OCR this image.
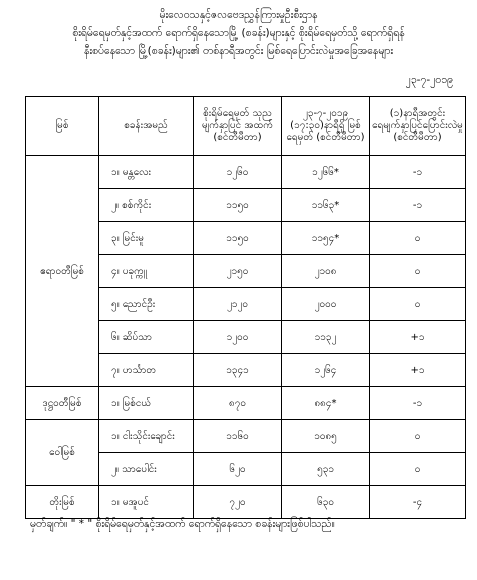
မိုးလေဝသနှင့်ဇလဗေဒညွှန်ကြားမှုဦးစီးဌာန
စိုးရိမ်ရေမှတ်နှင့်အထက် ရောက်ရှိနေသောမြို့ (စခန်း)များနှင့် စိုးရိမ်ရေမှတ်သို့ ရောက်ရှိရန်
နီးစပ်နေသော မြို့(စခန်း)များ၏ တစ်နာရီအတွင်း မြစ်ရေပြောင်းလဲမှုအခြေအနေများ
၂၃-၇-၂၀၁၉
မြစ်	စခန်းအမည်	စိုးရိမ်ရေမှတ် သုညမျက်နှာပြင် အထက် (စင်တီမီတာ)	၂၃-၇-၂၀၁၉ (၁၇:၃၀)နာရီရှိ မြစ်ရေမှတ် (စင်တီမီတာ)	(၁)နာရီအတွင်း ရေမျက်နှာပြင်ပြောင်းလဲမှု (စင်တီမီတာ)
ဧရာဝတီမြစ်	၁။ မန္တလေး	၁၂၆၀	၁၂၆၆*	-၁
	၂။ စစ်ကိုင်း	၁၁၅၀	၁၁၆၃*	-၁
	၃။ မြင်းမူ	၁၁၅၀	၁၁၅၄*	၀
	၄။ ပခုက္ကူ	၂၁၅၀	၂၁၀၈	၀
	၅။ ညောင်ဦး	၂၁၂၀	၂၀၀၀	၀
	၆။ ဆိပ်သာ	၁၂၀၀	၁၁၃၂	+၁
	၇။ ဟင်္သာတ	၁၃၄၁	၁၂၆၄	+၁
ဒုဋ္ဌဝတီမြစ်	၁။ မြစ်ငယ်	၈၇၀	၈၈၄*	-၁
ဝေါမြစ်	၁။ ငါးသိုင်းချောင်း	၁၁၆၀	၁၀၈၅	၀
	၂။ သာပေါင်း	၆၂၀	၅၃၁	၀
တိုးမြစ်	၁။ မအူပင်	၇၂၀	၆၃၀	-၄
မှတ်ချက်။ " * " စိုးရိမ်ရေမှတ်နှင့်အထက် ရောက်ရှိနေသော စခန်းများဖြစ်ပါသည်။
